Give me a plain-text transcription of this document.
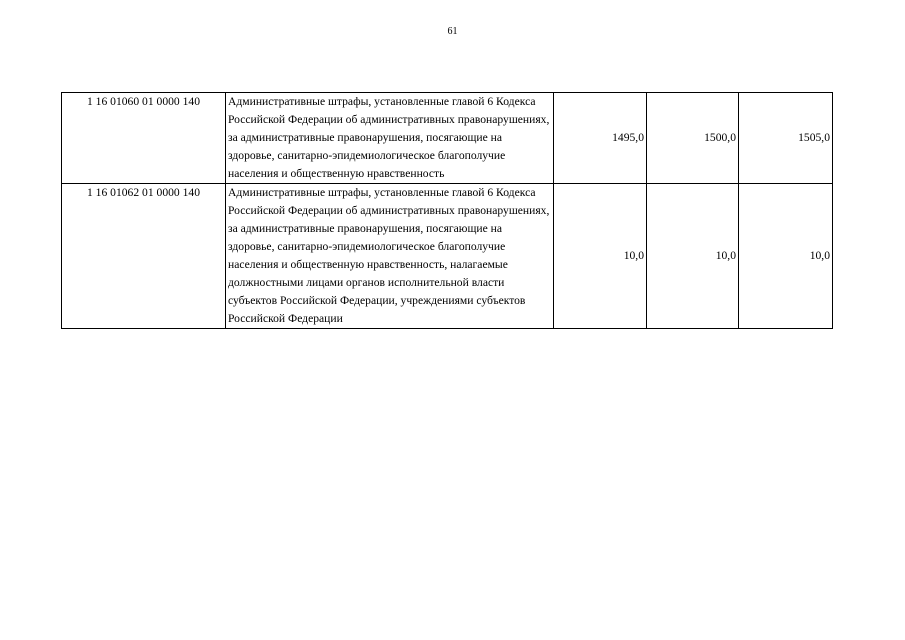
61
1 16 01060 01 0000 140	Административные штрафы, установленные главой 6 Кодекса Российской Федерации об административных правонарушениях, за административные правонарушения, посягающие на здоровье, санитарно-эпидемиологическое благополучие населения и общественную нравственность	1495,0	1500,0	1505,0
1 16 01062 01 0000 140	Административные штрафы, установленные главой 6 Кодекса Российской Федерации об административных правонарушениях, за административные правонарушения, посягающие на здоровье, санитарно-эпидемиологическое благополучие населения и общественную нравственность, налагаемые должностными лицами органов исполнительной власти субъектов Российской Федерации, учреждениями субъектов Российской Федерации	10,0	10,0	10,0
